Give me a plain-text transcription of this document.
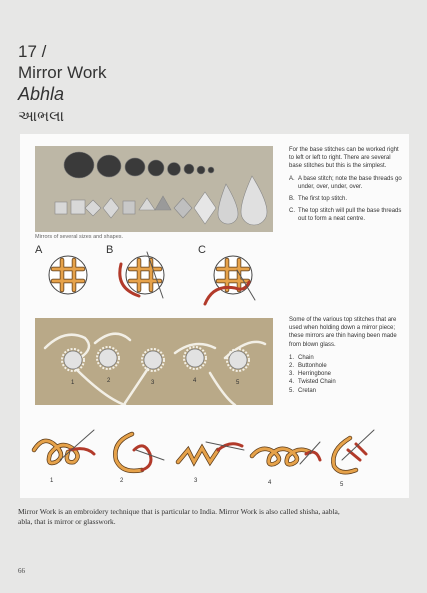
17 /
Mirror Work
Abhla
આભલા
Mirrors of several sizes and shapes.
For the base stitches can be worked right to left or left to right. There are several base stitches but this is the simplest.
A. A base stitch; note the base threads go under, over, under, over.
B. The first top stitch.
C. The top stitch will pull the base threads out to form a neat centre.
A	B	C
1	2	3	4	5
Some of the various top stitches that are used when holding down a mirror piece; these mirrors are thin having been made from blown glass.
1. Chain
2. Buttonhole
3. Herringbone
4. Twisted Chain
5. Cretan
1	2	3	4	5
Mirror Work is an embroidery technique that is particular to India. Mirror Work is also called shisha, aabla, abla, that is mirror or glasswork.
66
